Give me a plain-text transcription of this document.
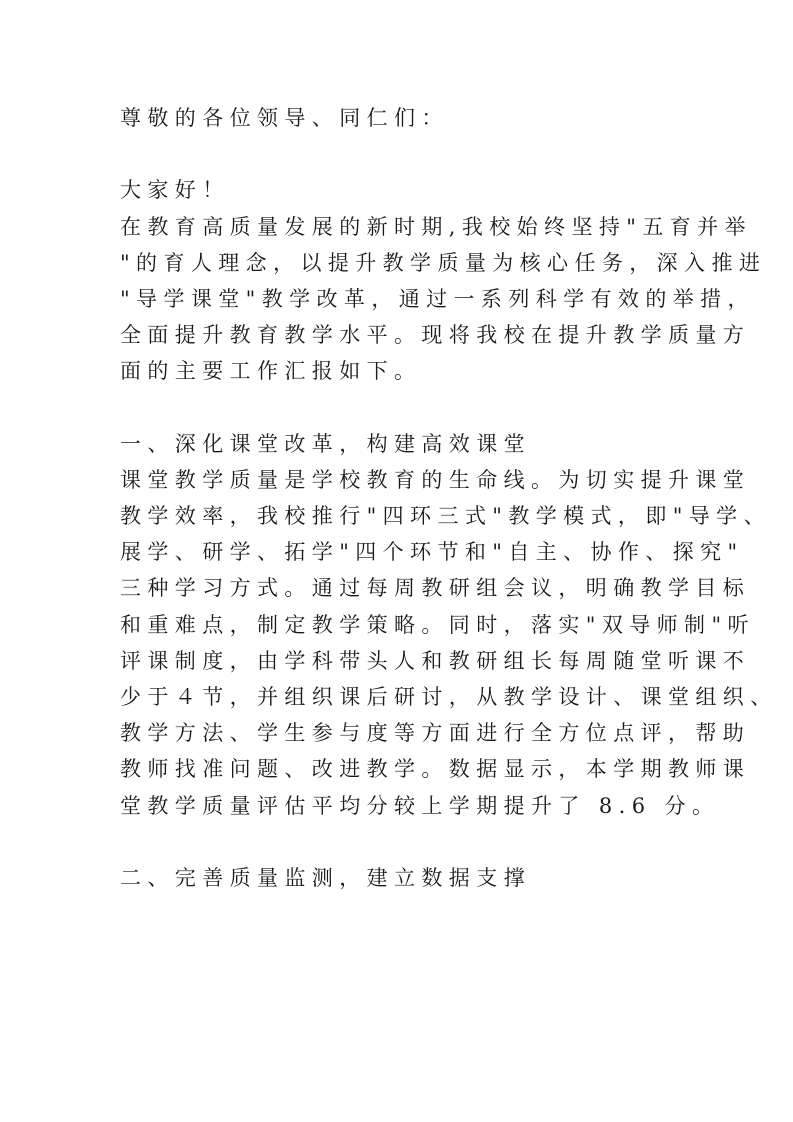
尊敬的各位领导、同仁们：
大家好！
在教育高质量发展的新时期,我校始终坚持"五育并举
"的育人理念，以提升教学质量为核心任务，深入推进
"导学课堂"教学改革，通过一系列科学有效的举措，
全面提升教育教学水平。现将我校在提升教学质量方
面的主要工作汇报如下。
一、深化课堂改革，构建高效课堂
课堂教学质量是学校教育的生命线。为切实提升课堂
教学效率，我校推行"四环三式"教学模式，即"导学、
展学、研学、拓学"四个环节和"自主、协作、探究"
三种学习方式。通过每周教研组会议，明确教学目标
和重难点，制定教学策略。同时，落实"双导师制"听
评课制度，由学科带头人和教研组长每周随堂听课不
少于４节，并组织课后研讨，从教学设计、课堂组织、
教学方法、学生参与度等方面进行全方位点评，帮助
教师找准问题、改进教学。数据显示，本学期教师课
堂教学质量评估平均分较上学期提升了 8.6 分。
二、完善质量监测，建立数据支撑
